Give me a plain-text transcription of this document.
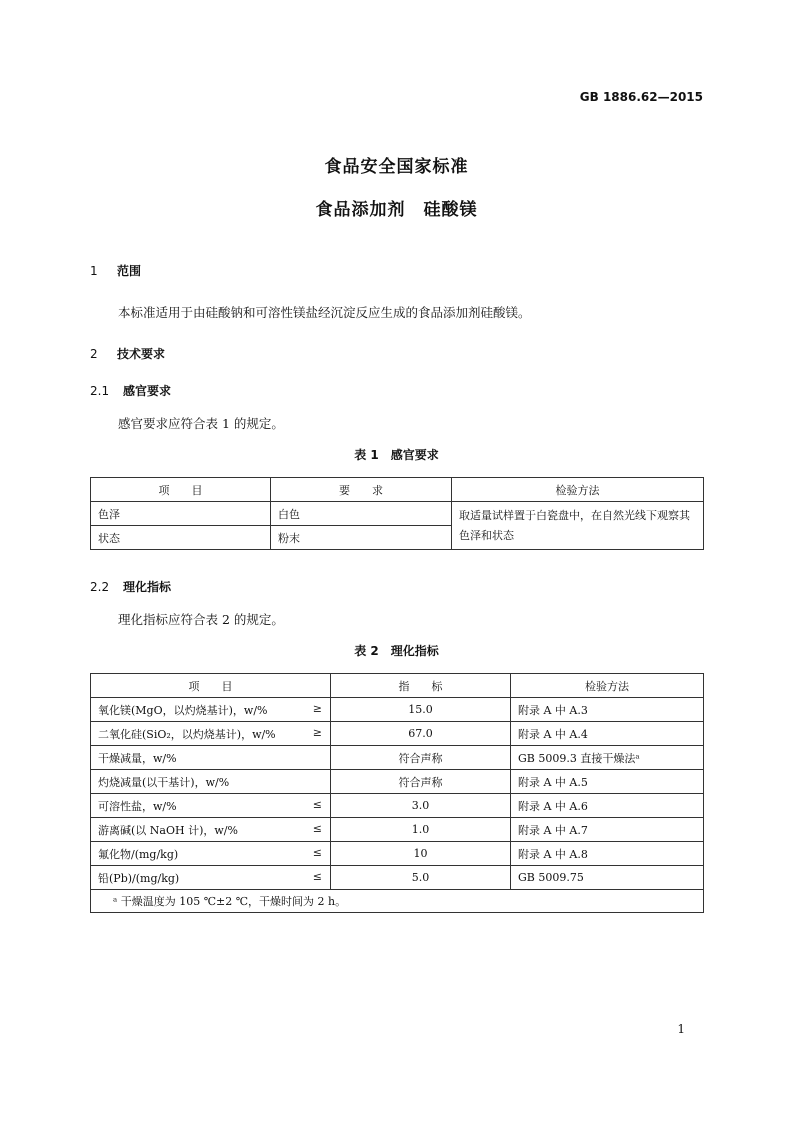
GB 1886.62—2015
食品安全国家标准
食品添加剂　硅酸镁
1 范围
本标准适用于由硅酸钠和可溶性镁盐经沉淀反应生成的食品添加剂硅酸镁。
2 技术要求
2.1 感官要求
感官要求应符合表 1 的规定。
表 1　感官要求
项　　目	要　　求	检验方法
色泽	白色	取适量试样置于白瓷盘中，在自然光线下观察其色泽和状态
状态	粉末	
2.2 理化指标
理化指标应符合表 2 的规定。
表 2　理化指标
项　　目	指　　标	检验方法
氧化镁(MgO，以灼烧基计)，w/% ≥	15.0	附录 A 中 A.3
二氧化硅(SiO₂，以灼烧基计)，w/% ≥	67.0	附录 A 中 A.4
干燥减量，w/%	符合声称	GB 5009.3 直接干燥法ᵃ
灼烧减量(以干基计)，w/%	符合声称	附录 A 中 A.5
可溶性盐，w/% ≤	3.0	附录 A 中 A.6
游离碱(以 NaOH 计)，w/% ≤	1.0	附录 A 中 A.7
氟化物/(mg/kg) ≤	10	附录 A 中 A.8
铅(Pb)/(mg/kg) ≤	5.0	GB 5009.75
ᵃ 干燥温度为 105 ℃±2 ℃，干燥时间为 2 h。		
1
